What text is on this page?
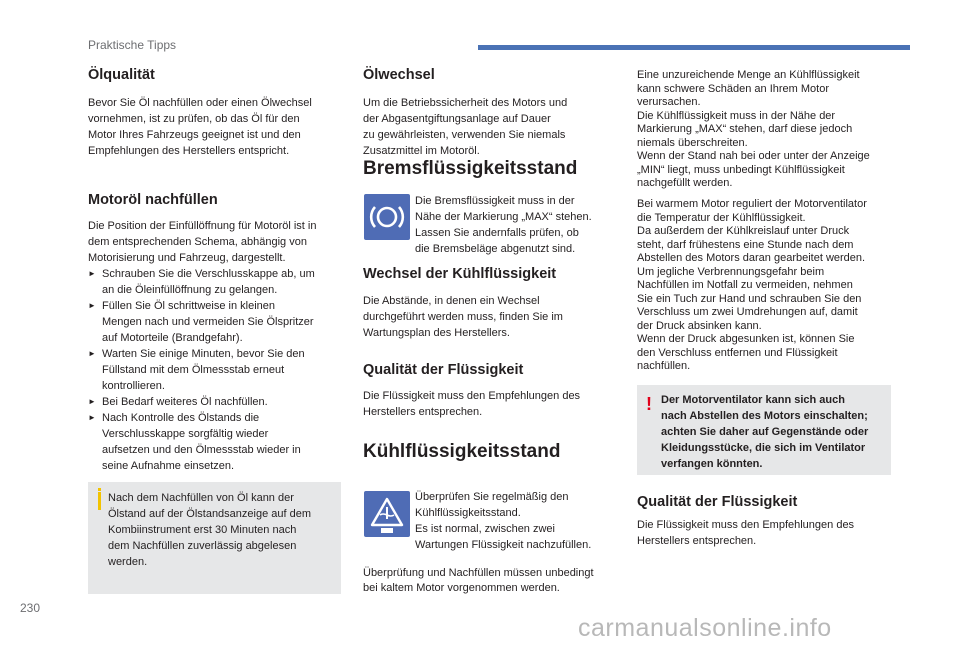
Praktische Tipps
Ölqualität

Bevor Sie Öl nachfüllen oder einen Ölwechsel

vornehmen, ist zu prüfen, ob das Öl für den

Motor Ihres Fahrzeugs geeignet ist und den

Empfehlungen des Herstellers entspricht.

Motoröl nachfüllen

Die Position der Einfüllöffnung für Motoröl ist in

dem entsprechenden Schema, abhängig von

Motorisierung und Fahrzeug, dargestellt.

► Schrauben Sie die Verschlusskappe ab, um

an die Öleinfüllöffnung zu gelangen.

► Füllen Sie Öl schrittweise in kleinen

Mengen nach und vermeiden Sie Ölspritzer

auf Motorteile (Brandgefahr).

► Warten Sie einige Minuten, bevor Sie den

Füllstand mit dem Ölmessstab erneut

kontrollieren.

► Bei Bedarf weiteres Öl nachfüllen.

► Nach Kontrolle des Ölstands die

Verschlusskappe sorgfältig wieder

aufsetzen und den Ölmessstab wieder in

seine Aufnahme einsetzen.

Nach dem Nachfüllen von Öl kann der

Ölstand auf der Ölstandsanzeige auf dem

Kombiinstrument erst 30 Minuten nach

dem Nachfüllen zuverlässig abgelesen

werden.

Ölwechsel

Um die Betriebssicherheit des Motors und

der Abgasentgiftungsanlage auf Dauer

zu gewährleisten, verwenden Sie niemals

Zusatzmittel im Motoröl.

Bremsflüssigkeitsstand

Die Bremsflüssigkeit muss in der

Nähe der Markierung „MAX“ stehen.

Lassen Sie andernfalls prüfen, ob

die Bremsbeläge abgenutzt sind.

Wechsel der Kühlflüssigkeit

Die Abstände, in denen ein Wechsel

durchgeführt werden muss, finden Sie im

Wartungsplan des Herstellers.

Qualität der Flüssigkeit

Die Flüssigkeit muss den Empfehlungen des

Herstellers entsprechen.

Kühlflüssigkeitsstand

Überprüfen Sie regelmäßig den

Kühlflüssigkeitsstand.

Es ist normal, zwischen zwei

Wartungen Flüssigkeit nachzufüllen.

Überprüfung und Nachfüllen müssen unbedingt

bei kaltem Motor vorgenommen werden.

Eine unzureichende Menge an Kühlflüssigkeit

kann schwere Schäden an Ihrem Motor

verursachen.

Die Kühlflüssigkeit muss in der Nähe der

Markierung „MAX“ stehen, darf diese jedoch

niemals überschreiten.

Wenn der Stand nah bei oder unter der Anzeige

„MIN“ liegt, muss unbedingt Kühlflüssigkeit

nachgefüllt werden.

Bei warmem Motor reguliert der Motorventilator

die Temperatur der Kühlflüssigkeit.

Da außerdem der Kühlkreislauf unter Druck

steht, darf frühestens eine Stunde nach dem

Abstellen des Motors daran gearbeitet werden.

Um jegliche Verbrennungsgefahr beim

Nachfüllen im Notfall zu vermeiden, nehmen

Sie ein Tuch zur Hand und schrauben Sie den

Verschluss um zwei Umdrehungen auf, damit

der Druck absinken kann.

Wenn der Druck abgesunken ist, können Sie

den Verschluss entfernen und Flüssigkeit

nachfüllen.

Qualität der Flüssigkeit

Die Flüssigkeit muss den Empfehlungen des

Herstellers entsprechen.

! Der Motorventilator kann sich auch

nach Abstellen des Motors einschalten;

achten Sie daher auf Gegenstände oder

Kleidungsstücke, die sich im Ventilator

verfangen könnten.

230
carmanualsonline.info
